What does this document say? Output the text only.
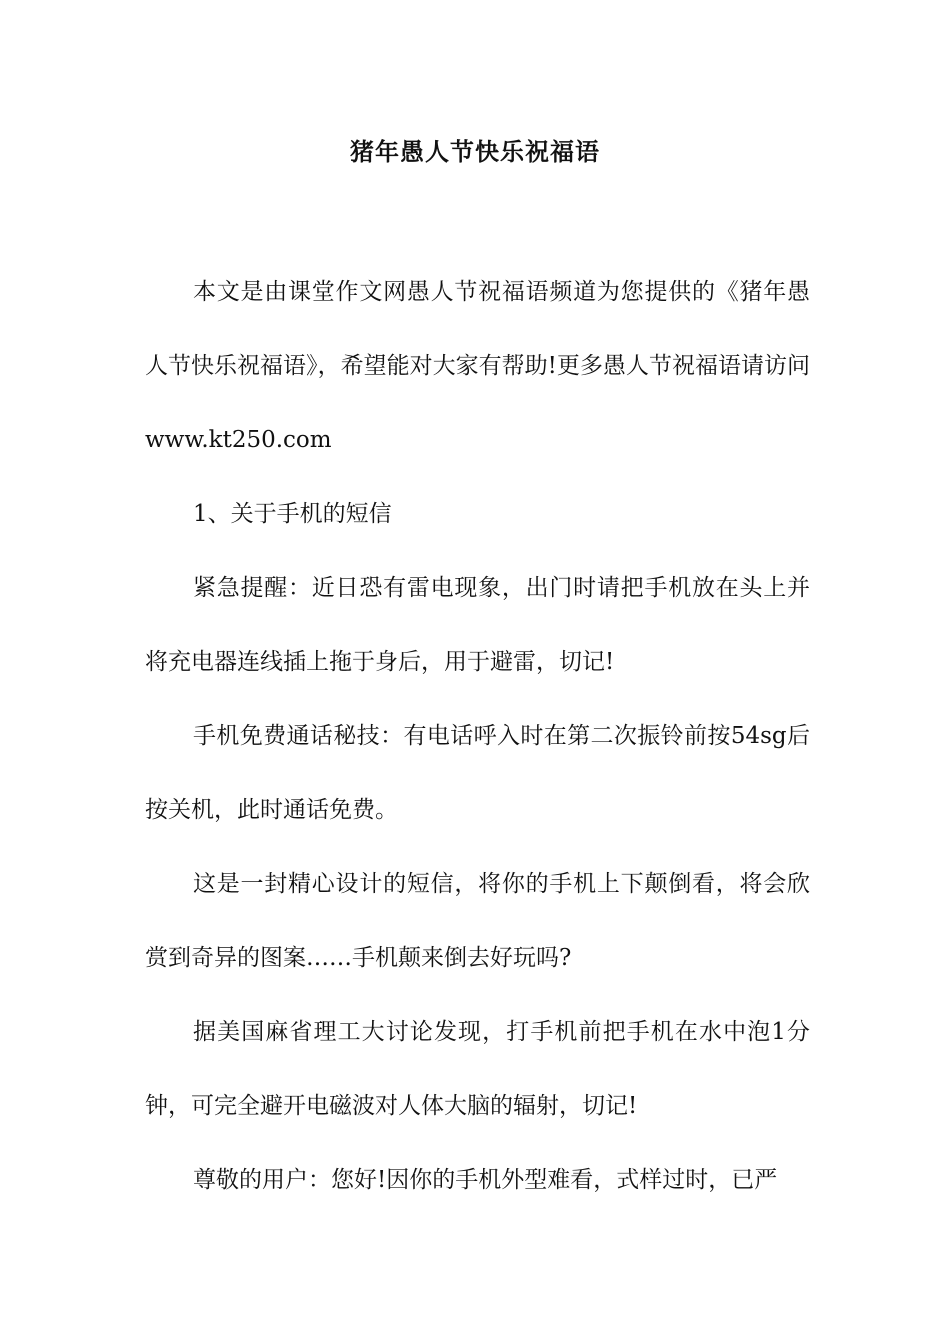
猪年愚人节快乐祝福语

本文是由课堂作文网愚人节祝福语频道为您提供的《猪年愚人节快乐祝福语》，希望能对大家有帮助!更多愚人节祝福语请访问www.kt250.com

1、关于手机的短信

紧急提醒：近日恐有雷电现象，出门时请把手机放在头上并将充电器连线插上拖于身后，用于避雷，切记!

手机免费通话秘技：有电话呼入时在第二次振铃前按54sg后按关机，此时通话免费。

这是一封精心设计的短信，将你的手机上下颠倒看，将会欣赏到奇异的图案……手机颠来倒去好玩吗?

据美国麻省理工大讨论发现，打手机前把手机在水中泡1分钟，可完全避开电磁波对人体大脑的辐射，切记!

尊敬的用户：您好!因你的手机外型难看，式样过时，已严
